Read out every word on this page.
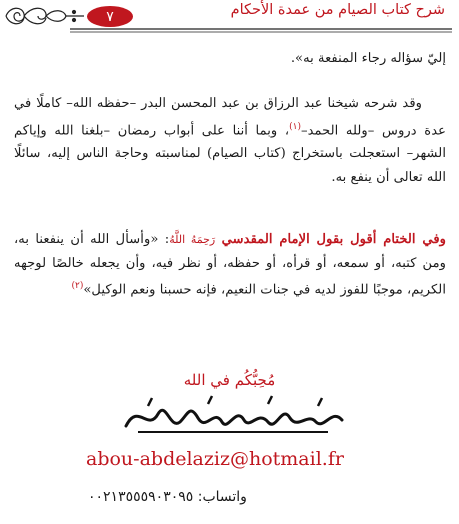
٧	شرح كتاب الصيام من عمدة الأحكام
إليّ سؤاله رجاء المنفعة به».
وقد شرحه شيخنا عبد الرزاق بن عبد المحسن البدر –حفظه الله– كاملًا في عدة دروس –ولله الحمد–$^{(١)}$، وبما أننا على أبواب رمضان –بلغنا الله وإياكم الشهر– استعجلت باستخراج (كتاب الصيام) لمناسبته وحاجة الناس إليه، سائلًا الله تعالى أن ينفع به.
وفي الختام أقول بقول الإمام المقدسي رَحِمَهُ اللَّهُ: «وأسأل الله أن ينفعنا به، ومن كتبه، أو سمعه، أو قرأه، أو حفظه، أو نظر فيه، وأن يجعله خالصًا لوجهه الكريم، موجبًا للفوز لديه في جنات النعيم، فإنه حسبنا ونعم الوكيل»$^{(٢)}$
مُحِبُّكُم في الله
abou-abdelaziz@hotmail.fr
واتساب: ٠٠٢١٣٥٥٥٩٠٣٠٩٥
